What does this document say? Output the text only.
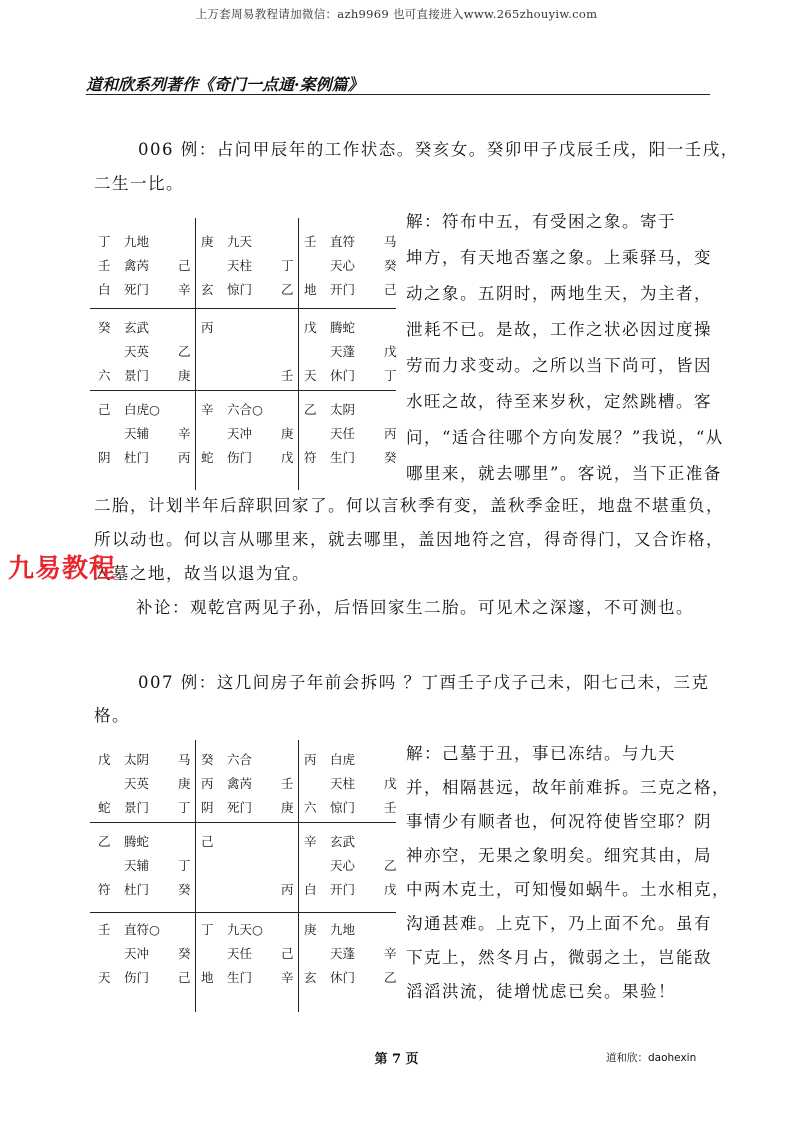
上万套周易教程请加微信：azh9969 也可直接进入www.265zhouyiw.com
道和欣系列著作《奇门一点通·案例篇》
006 例：占问甲辰年的工作状态。癸亥女。癸卯甲子戊辰壬戌，阳一壬戌，
二生一比。
丁 九地
壬 禽芮 己
白 死门 辛
庚 九天
天柱 丁
玄 惊门 乙
壬 直符 马
天心 癸
地 开门 己
癸 玄武
天英 乙
六 景门 庚
丙
壬
戊 腾蛇
天蓬 戊
天 休门 丁
己 白虎○
天辅 辛
阴 杜门 丙
辛 六合○
天冲 庚
蛇 伤门 戊
乙 太阴
天任 丙
符 生门 癸
解：符布中五，有受困之象。寄于
坤方，有天地否塞之象。上乘驿马，变
动之象。五阴时，两地生天，为主者，
泄耗不已。是故，工作之状必因过度操
劳而力求变动。之所以当下尚可，皆因
水旺之故，待至来岁秋，定然跳槽。客
问，“适合往哪个方向发展？”我说，“从
哪里来，就去哪里”。客说，当下正准备
二胎，计划半年后辞职回家了。何以言秋季有变，盖秋季金旺，地盘不堪重负，
所以动也。何以言从哪里来，就去哪里，盖因地符之宫，得奇得门，又合诈格，
入墓之地，故当以退为宜。
补论：观乾宫两见子孙，后悟回家生二胎。可见术之深邃，不可测也。
007 例：这几间房子年前会拆吗 ？丁酉壬子戊子己未，阳七己未，三克
格。
戊 太阴 马
天英 庚
蛇 景门 丁
癸 六合
丙 禽芮 壬
阴 死门 庚
丙 白虎
天柱 戊
六 惊门 壬
乙 腾蛇
天辅 丁
符 杜门 癸
己
丙
辛 玄武
天心 乙
白 开门 戊
壬 直符○
天冲 癸
天 伤门 己
丁 九天○
天任 己
地 生门 辛
庚 九地
天蓬 辛
玄 休门 乙
解：己墓于丑，事已冻结。与九天
并，相隔甚远，故年前难拆。三克之格，
事情少有顺者也，何况符使皆空耶？阴
神亦空，无果之象明矣。细究其由，局
中两木克土，可知慢如蜗牛。土水相克，
沟通甚难。上克下，乃上面不允。虽有
下克上，然冬月占，微弱之土，岂能敌
滔滔洪流，徒增忧虑已矣。果验！
九易教程
第 7 页	道和欣：daohexin
